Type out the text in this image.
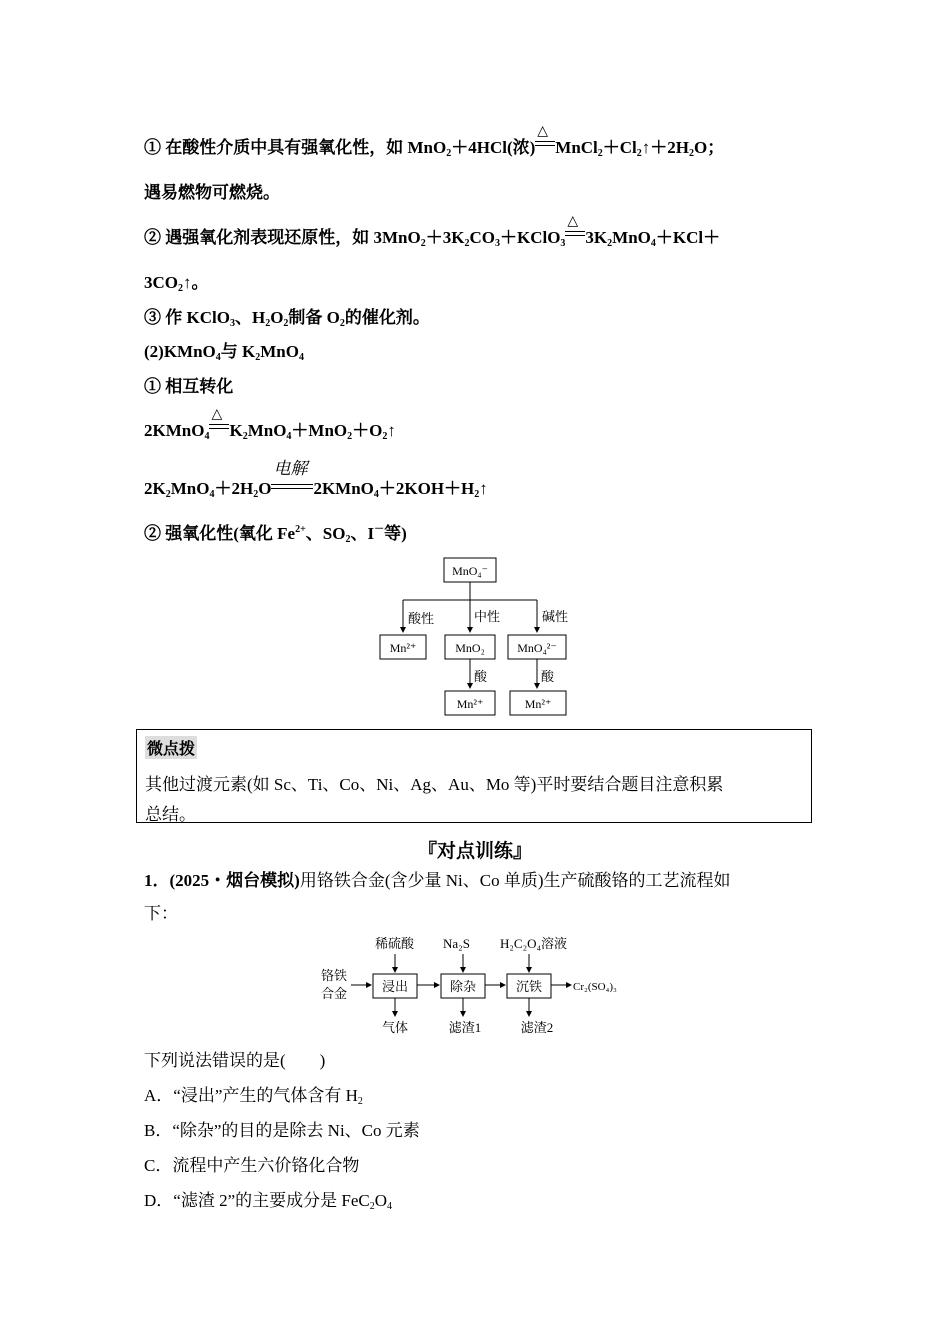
① 在酸性介质中具有强氧化性，如 MnO$_2$＋4HCl(浓)
△
$MnCl_2+Cl_2↑+2H_2O$；
遇易燃物可燃烧。
② 遇强氧化剂表现还原性，如 $3MnO_2+3K_2CO_3+KClO_3$
△
$3K_2MnO_4+KCl+$
$3CO_2↑$。
③ 作 KClO$_3$、$H_2O_2$制备 $O_2$的催化剂。
(2)KMnO$_4$与 $K_2MnO_4$
① 相互转化
2KMnO$_4$
△
$K_2MnO_4+MnO_2+O_2↑$
$2K_2MnO_4+2H_2O$
电解
$2KMnO_4+2KOH+H_2↑$
② 强氧化性(氧化 $Fe^{2+}$、$SO_2$、I－等)
MnO₄⁻
酸性	中性	碱性
Mn²⁺	MnO₂	MnO₄²⁻
酸	酸
Mn²⁺	Mn²⁺
微点拨
其他过渡元素(如 Sc、Ti、Co、Ni、Ag、Au、Mo 等)平时要结合题目注意积累
总结。
『对点训练』
1．(2025・烟台模拟)用铬铁合金(含少量 Ni、Co 单质)生产硫酸铬的工艺流程如
下：
稀硫酸 Na₂S H₂C₂O₄溶液
铬铁
合金	浸出	除杂	沉铁	Cr₂(SO₄)₃
气体	滤渣1	滤渣2
下列说法错误的是(　　)
A．“浸出”产生的气体含有 $H_2$
B．“除杂”的目的是除去 Ni、Co 元素
C．流程中产生六价铬化合物
D．“滤渣 2”的主要成分是 $FeC_2O_4$
